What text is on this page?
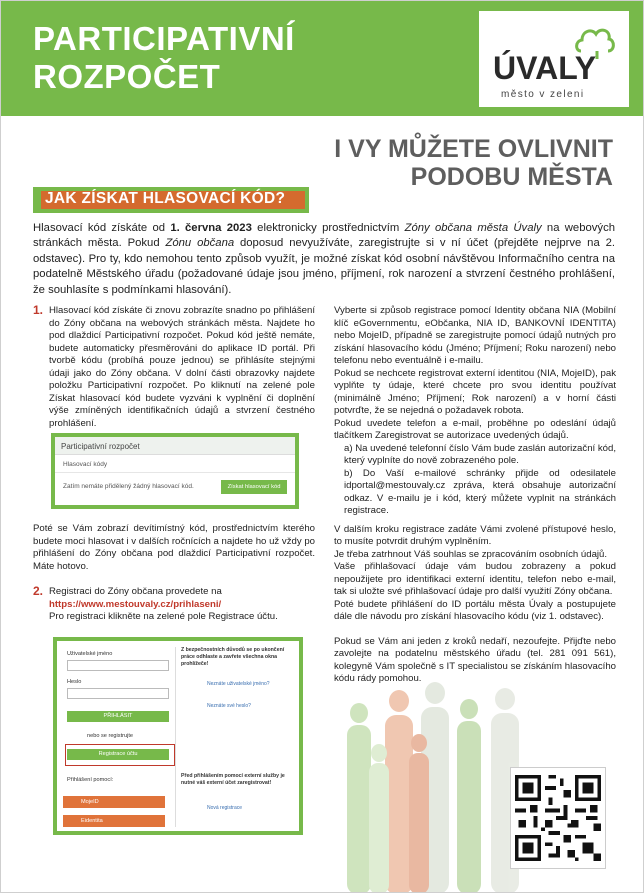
PARTICIPATIVNÍ
ROZPOČET	ÚVALY
město v zeleni
I VY MŮŽETE OVLIVNIT
PODOBU MĚSTA
JAK ZÍSKAT HLASOVACÍ KÓD?

Hlasovací kód získáte od 1. června 2023 elektronicky prostřednictvím Zóny občana města Úvaly na webových stránkách města. Pokud Zónu občana doposud nevyužíváte, zaregistrujte si v ní účet (přejděte nejprve na 2. odstavec). Pro ty, kdo nemohou tento způsob využít, je možné získat kód osobní návštěvou Informačního centra na podatelně Městského úřadu (požadované údaje jsou jméno, příjmení, rok narození a stvrzení čestného prohlášení, že souhlasíte s podmínkami hlasování).

1. Hlasovací kód získáte či znovu zobrazíte snadno po přihlášení do Zóny občana na webových stránkách města. Najdete ho pod dlaždicí Participativní rozpočet. Pokud kód ještě nemáte, budete automaticky přesměrováni do aplikace ID portál. Při tvorbě kódu (probíhá pouze jednou) se přihlásíte stejnými údaji jako do Zóny občana. V dolní části obrazovky najdete položku Participativní rozpočet. Po kliknutí na zelené pole Získat hlasovací kód budete vyzváni k vyplnění či doplnění výše zmíněných identifikačních údajů a stvrzení čestného prohlášení.

Participativní rozpočet
Hlasovací kódy
Zatím nemáte přidělený žádný hlasovací kód.	Získat hlasovací kód

Poté se Vám zobrazí devítimístný kód, prostřednictvím kterého budete moci hlasovat i v dalších ročnících a najdete ho už vždy po přihlášení do Zóny občana pod dlaždicí Participativní rozpočet. Máte hotovo.

2. Registraci do Zóny občana provedete na
https://www.mestouvaly.cz/prihlaseni/
Pro registraci klikněte na zelené pole Registrace účtu.
Uživatelské jméno
Heslo
PŘIHLÁSIT
nebo se registrujte
Registrace účtu
Přihlášení pomocí:
MojeID
Eidentita
Z bezpečnostních důvodů se po ukončení práce odhlaste a zavřete všechna okna prohlížeče!
Neznáte uživatelské jméno?
Neznáte své heslo?
Před přihlášením pomocí externí služby je nutné váš externí účet zaregistrovat!
Nová registrace

Vyberte si způsob registrace pomocí Identity občana NIA (Mobilní klíč eGovernmentu, eObčanka, NIA ID, BANKOVNÍ IDENTITA) nebo MojeID, případně se zaregistrujte pomocí údajů nutných pro získání hlasovacího kódu (Jméno; Příjmení; Roku narození) nebo telefonu nebo eventuálně i e-mailu.

Pokud se nechcete registrovat externí identitou (NIA, MojeID), pak vyplňte ty údaje, které chcete pro svou identitu používat (minimálně Jméno; Příjmení; Rok narození) a v horní části potvrďte, že se nejedná o požadavek robota.

Pokud uvedete telefon a e-mail, proběhne po odeslání údajů tlačítkem Zaregistrovat se autorizace uvedených údajů.

a) Na uvedené telefonní číslo Vám bude zaslán autorizační kód, který vyplníte do nově zobrazeného pole.

b) Do Vaší e-mailové schránky přijde od odesilatele idportal@mestouvaly.cz zpráva, která obsahuje autorizační odkaz. V e-mailu je i kód, který můžete vyplnit na stránkách registrace.

V dalším kroku registrace zadáte Vámi zvolené přístupové heslo, to musíte potvrdit druhým vyplněním.

Je třeba zatrhnout Váš souhlas se zpracováním osobních údajů.

Vaše přihlašovací údaje vám budou zobrazeny a pokud nepoužijete pro identifikaci externí identitu, telefon nebo e-mail, tak si uložte své přihlašovací údaje pro další využití Zóny občana.

Poté budete přihlášení do ID portálu města Úvaly a postupujete dále dle návodu pro získání hlasovacího kódu (viz 1. odstavec).

Pokud se Vám ani jeden z kroků nedaří, nezoufejte. Přijďte nebo zavolejte na podatelnu městského úřadu (tel. 281 091 561), kolegyně Vám společně s IT specialistou se získáním hlasovacího kódu rády pomohou.
